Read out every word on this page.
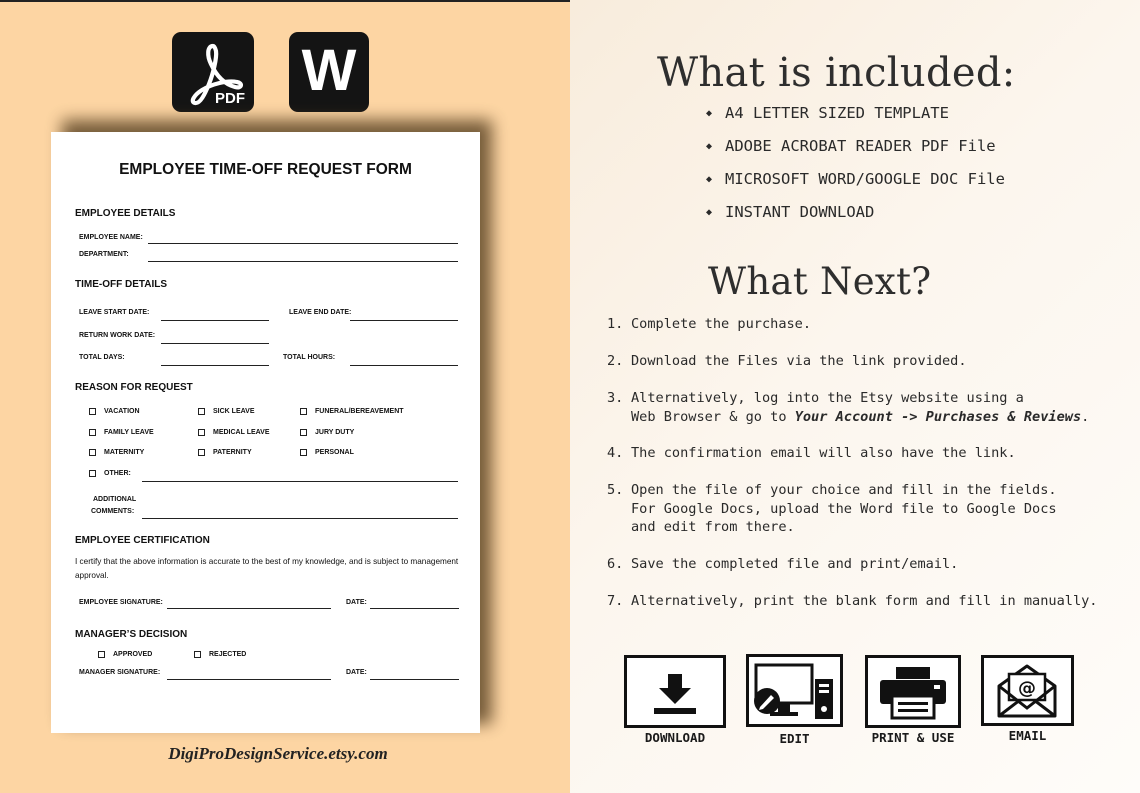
PDF W
EMPLOYEE TIME-OFF REQUEST FORM
EMPLOYEE DETAILS
EMPLOYEE NAME:
DEPARTMENT:
TIME-OFF DETAILS
LEAVE START DATE:	LEAVE END DATE:
RETURN WORK DATE:
TOTAL DAYS:	TOTAL HOURS:
REASON FOR REQUEST
VACATION	SICK LEAVE	FUNERAL/BEREAVEMENT
FAMILY LEAVE	MEDICAL LEAVE	JURY DUTY
MATERNITY	PATERNITY	PERSONAL
OTHER:
ADDITIONAL
COMMENTS:
EMPLOYEE CERTIFICATION
I certify that the above information is accurate to the best of my knowledge, and is subject to management approval.
EMPLOYEE SIGNATURE:	DATE:
MANAGER’S DECISION
APPROVED	REJECTED
MANAGER SIGNATURE:	DATE:
DigiProDesignService.etsy.com
What is included:
◆ A4 LETTER SIZED TEMPLATE
◆ ADOBE ACROBAT READER PDF File
◆ MICROSOFT WORD/GOOGLE DOC File
◆ INSTANT DOWNLOAD
What Next?
1. Complete the purchase.
2. Download the Files via the link provided.
3. Alternatively, log into the Etsy website using a
Web Browser & go to Your Account -> Purchases & Reviews.
4. The confirmation email will also have the link.
5. Open the file of your choice and fill in the fields.
For Google Docs, upload the Word file to Google Docs
and edit from there.
6. Save the completed file and print/email.
7. Alternatively, print the blank form and fill in manually.
DOWNLOAD	EDIT	PRINT & USE
@
EMAIL
